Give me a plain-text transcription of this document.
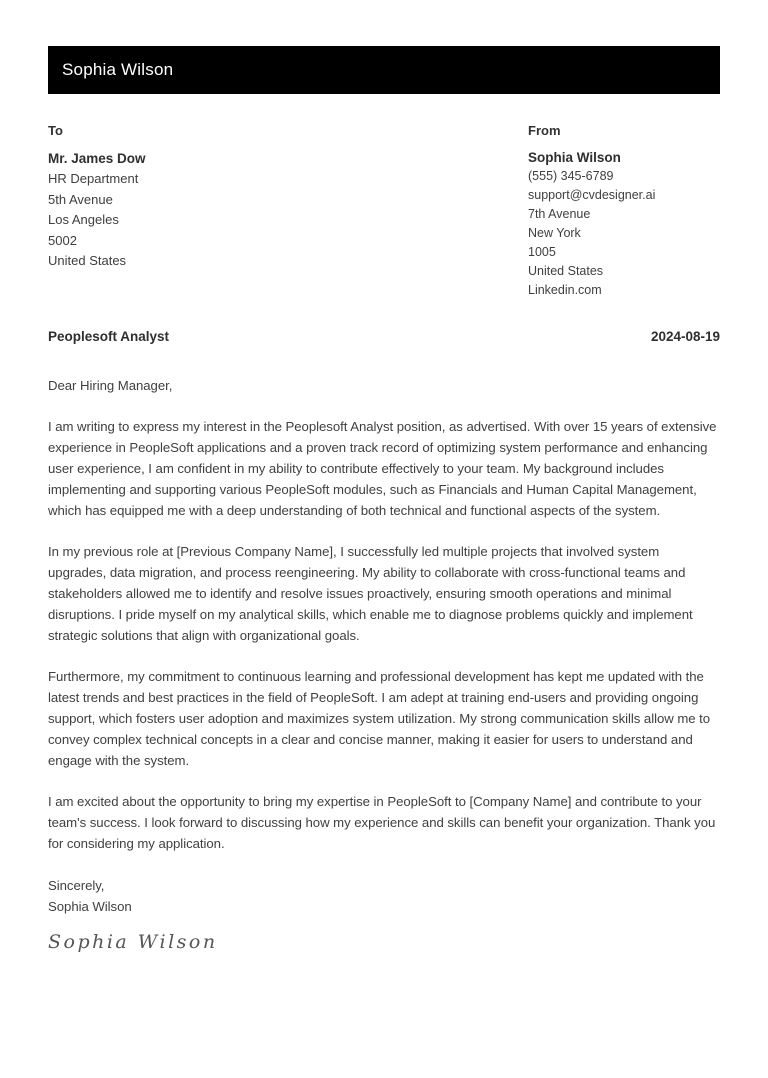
Sophia Wilson
To
Mr. James Dow
HR Department
5th Avenue
Los Angeles
5002
United States
From
Sophia Wilson
(555) 345-6789
support@cvdesigner.ai
7th Avenue
New York
1005
United States
Linkedin.com
Peoplesoft Analyst	2024-08-19

Dear Hiring Manager,

I am writing to express my interest in the Peoplesoft Analyst position, as advertised. With over 15 years of extensive experience in PeopleSoft applications and a proven track record of optimizing system performance and enhancing user experience, I am confident in my ability to contribute effectively to your team. My background includes implementing and supporting various PeopleSoft modules, such as Financials and Human Capital Management, which has equipped me with a deep understanding of both technical and functional aspects of the system.

In my previous role at [Previous Company Name], I successfully led multiple projects that involved system upgrades, data migration, and process reengineering. My ability to collaborate with cross-functional teams and stakeholders allowed me to identify and resolve issues proactively, ensuring smooth operations and minimal disruptions. I pride myself on my analytical skills, which enable me to diagnose problems quickly and implement strategic solutions that align with organizational goals.

Furthermore, my commitment to continuous learning and professional development has kept me updated with the latest trends and best practices in the field of PeopleSoft. I am adept at training end-users and providing ongoing support, which fosters user adoption and maximizes system utilization. My strong communication skills allow me to convey complex technical concepts in a clear and concise manner, making it easier for users to understand and engage with the system.

I am excited about the opportunity to bring my expertise in PeopleSoft to [Company Name] and contribute to your team's success. I look forward to discussing how my experience and skills can benefit your organization. Thank you for considering my application.

Sincerely,
Sophia Wilson
Sophia Wilson
